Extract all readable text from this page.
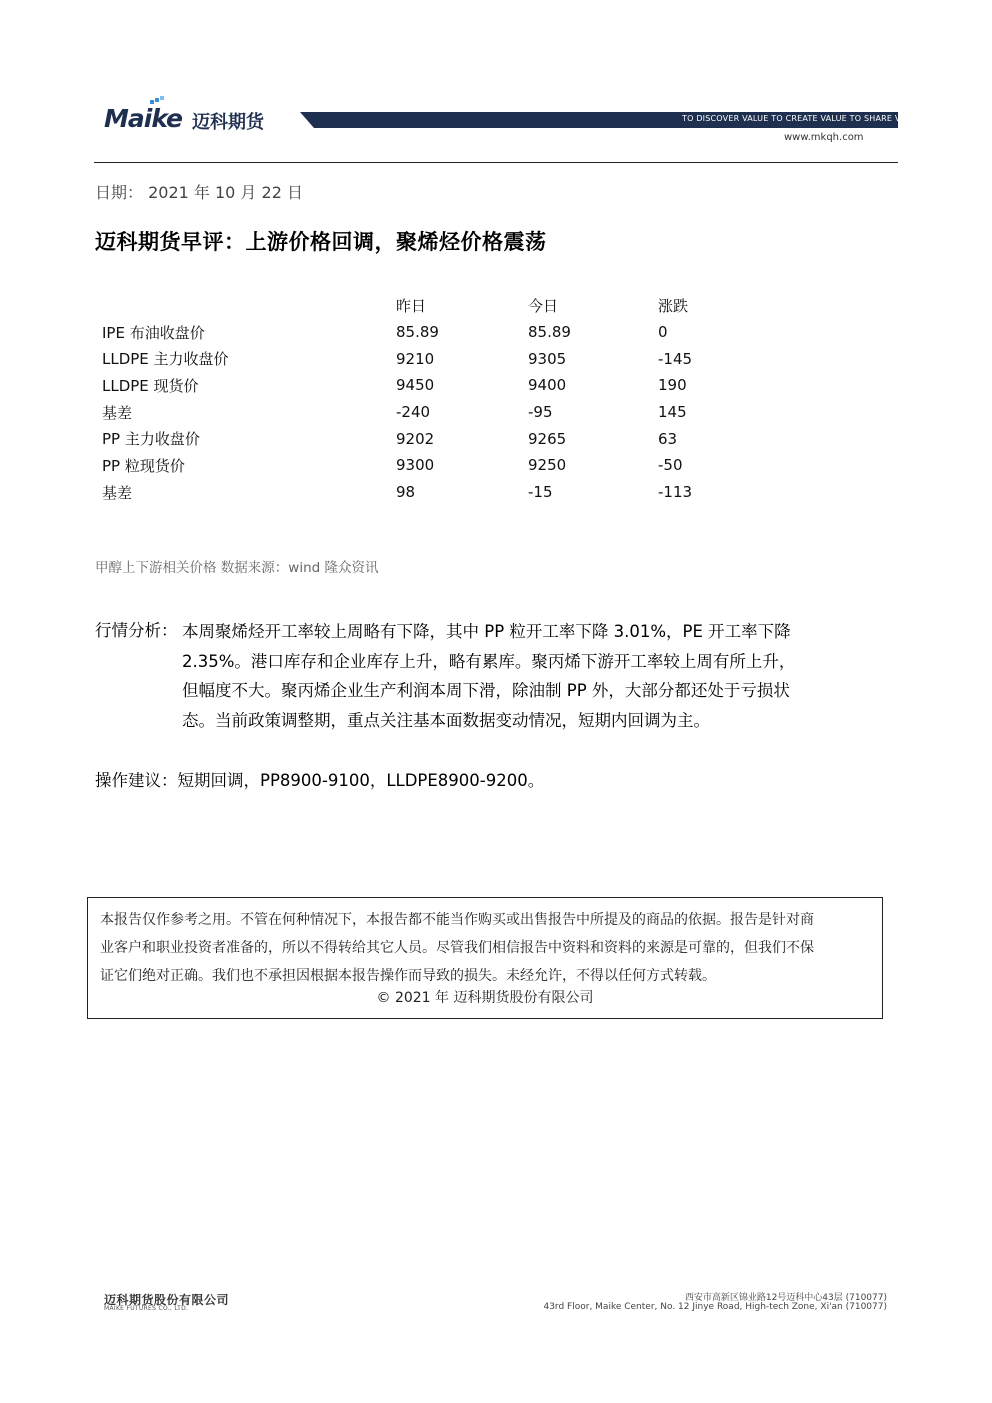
Maike 迈科期货	TO DISCOVER VALUE TO CREATE VALUE TO SHARE VALUE
www.mkqh.com
日期： 2021 年 10 月 22 日
迈科期货早评：上游价格回调，聚烯烃价格震荡
	昨日	今日	涨跌
IPE 布油收盘价	85.89	85.89	0
LLDPE 主力收盘价	9210	9305	-145
LLDPE 现货价	9450	9400	190
基差	-240	-95	145
PP 主力收盘价	9202	9265	63
PP 粒现货价	9300	9250	-50
基差	98	-15	-113
甲醇上下游相关价格 数据来源：wind 隆众资讯
行情分析： 本周聚烯烃开工率较上周略有下降，其中 PP 粒开工率下降 3.01%，PE 开工率下降
2.35%。港口库存和企业库存上升，略有累库。聚丙烯下游开工率较上周有所上升，
但幅度不大。聚丙烯企业生产利润本周下滑，除油制 PP 外，大部分都还处于亏损状
态。当前政策调整期，重点关注基本面数据变动情况，短期内回调为主。
操作建议：短期回调，PP8900-9100，LLDPE8900-9200。
本报告仅作参考之用。不管在何种情况下，本报告都不能当作购买或出售报告中所提及的商品的依据。报告是针对商
业客户和职业投资者准备的，所以不得转给其它人员。尽管我们相信报告中资料和资料的来源是可靠的，但我们不保
证它们绝对正确。我们也不承担因根据本报告操作而导致的损失。未经允许，不得以任何方式转载。
© 2021 年 迈科期货股份有限公司
迈科期货股份有限公司
MAIKE FUTURES CO., LTD.
西安市高新区锦业路12号迈科中心43层 (710077)
43rd Floor, Maike Center, No. 12 Jinye Road, High-tech Zone, Xi'an (710077)
